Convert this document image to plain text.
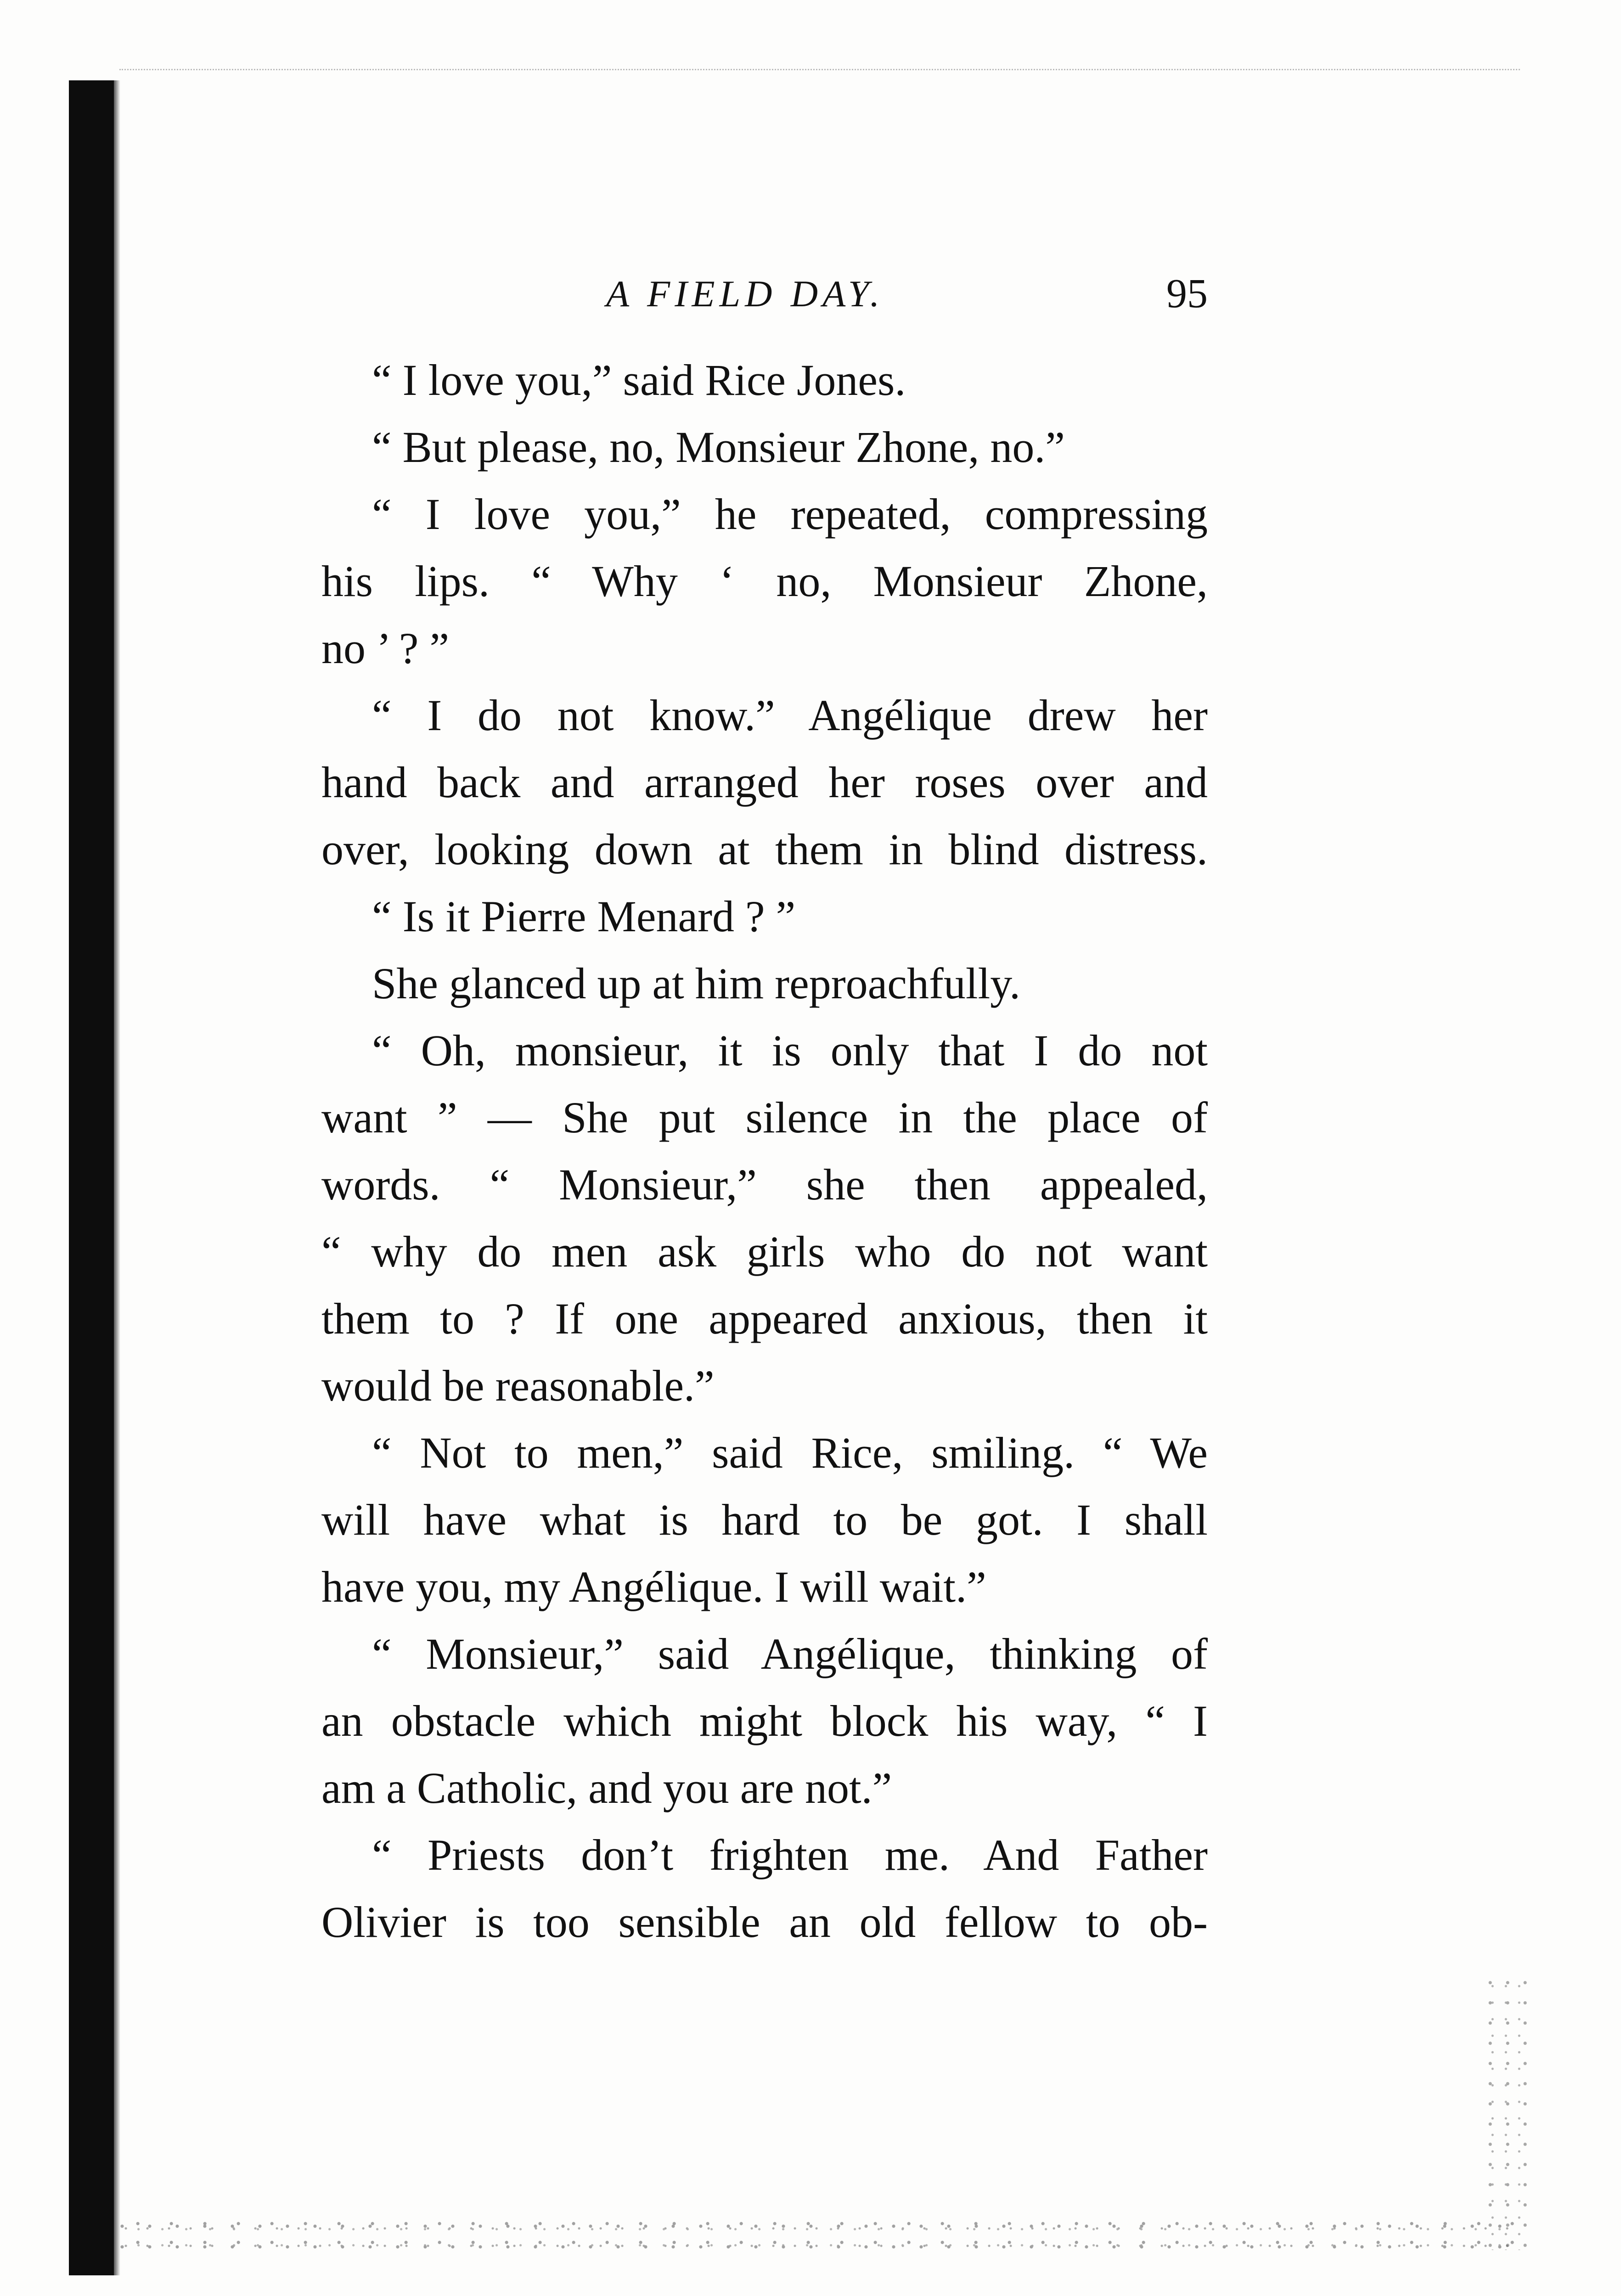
A FIELD DAY.	95
“ I love you,” said Rice Jones.
“ But please, no, Monsieur Zhone, no.”
“ I love you,” he repeated, compressing
his lips. “ Why ‘ no, Monsieur Zhone,
no ’ ? ”
“ I do not know.” Angélique drew her
hand back and arranged her roses over and
over, looking down at them in blind distress.
“ Is it Pierre Menard ? ”
She glanced up at him reproachfully.
“ Oh, monsieur, it is only that I do not
want ” — She put silence in the place of
words. “ Monsieur,” she then appealed,
“ why do men ask girls who do not want
them to ? If one appeared anxious, then it
would be reasonable.”
“ Not to men,” said Rice, smiling. “ We
will have what is hard to be got. I shall
have you, my Angélique. I will wait.”
“ Monsieur,” said Angélique, thinking of
an obstacle which might block his way, “ I
am a Catholic, and you are not.”
“ Priests don’t frighten me. And Father
Olivier is too sensible an old fellow to ob-
